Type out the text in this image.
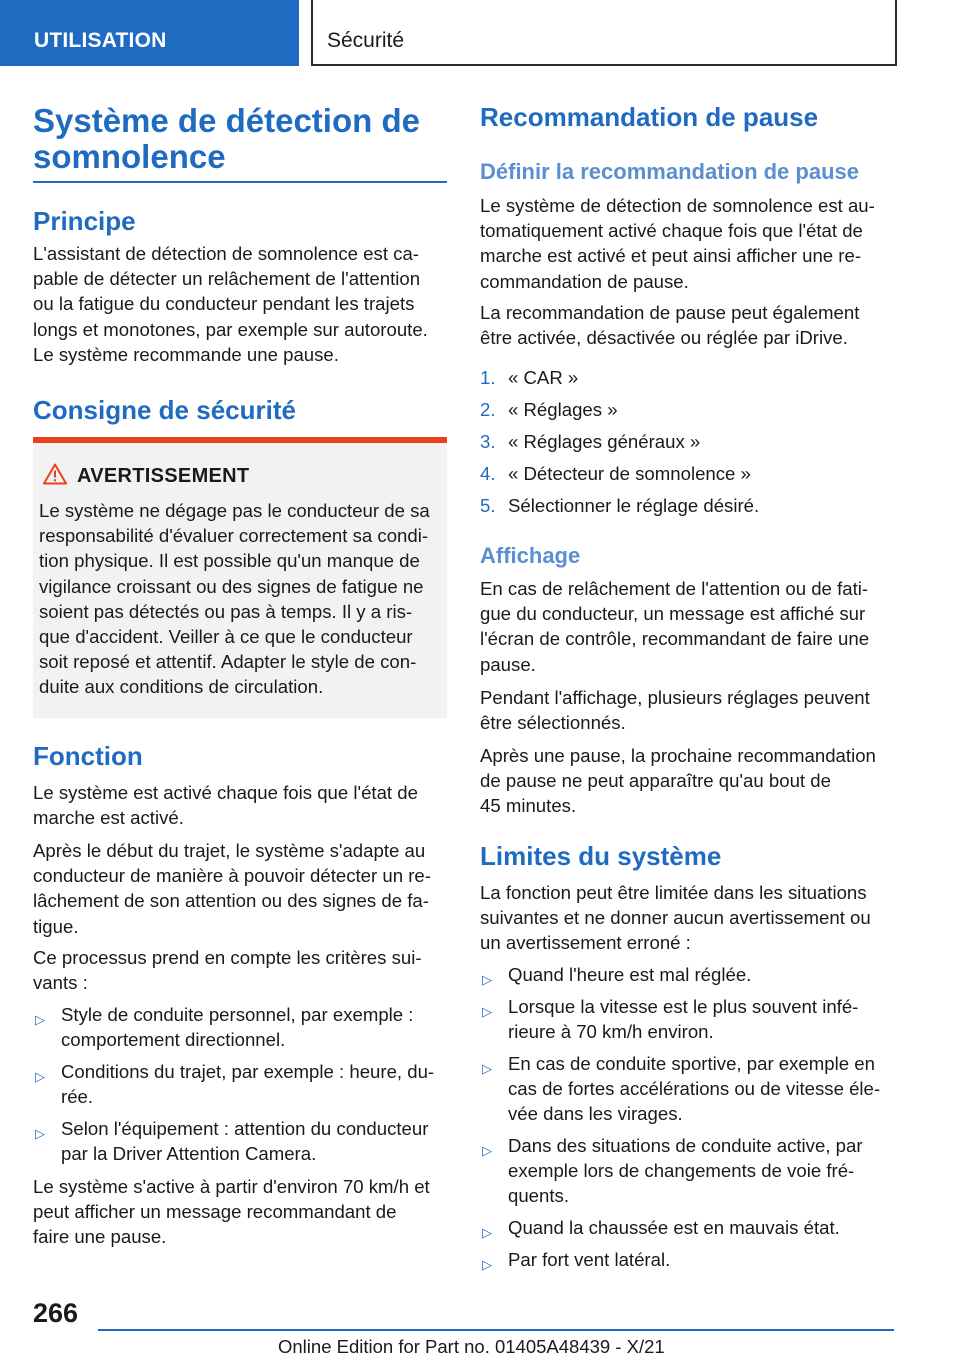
UTILISATION	Sécurité
Système de détection de
somnolence
Principe
L'assistant de détection de somnolence est ca‐
pable de détecter un relâchement de l'attention
ou la fatigue du conducteur pendant les trajets
longs et monotones, par exemple sur autoroute.
Le système recommande une pause.
Consigne de sécurité
AVERTISSEMENT
Le système ne dégage pas le conducteur de sa
responsabilité d'évaluer correctement sa condi‐
tion physique. Il est possible qu'un manque de
vigilance croissant ou des signes de fatigue ne
soient pas détectés ou pas à temps. Il y a ris‐
que d'accident. Veiller à ce que le conducteur
soit reposé et attentif. Adapter le style de con‐
duite aux conditions de circulation.
Fonction
Le système est activé chaque fois que l'état de
marche est activé.
Après le début du trajet, le système s'adapte au
conducteur de manière à pouvoir détecter un re‐
lâchement de son attention ou des signes de fa‐
tigue.
Ce processus prend en compte les critères sui‐
vants :
▷ Style de conduite personnel, par exemple :
comportement directionnel.
▷ Conditions du trajet, par exemple : heure, du‐
rée.
▷ Selon l'équipement : attention du conducteur
par la Driver Attention Camera.
Le système s'active à partir d'environ 70 km/h et
peut afficher un message recommandant de
faire une pause.
Recommandation de pause
Définir la recommandation de pause
Le système de détection de somnolence est au‐
tomatiquement activé chaque fois que l'état de
marche est activé et peut ainsi afficher une re‐
commandation de pause.
La recommandation de pause peut également
être activée, désactivée ou réglée par iDrive.
1. « CAR »
2. « Réglages »
3. « Réglages généraux »
4. « Détecteur de somnolence »
5. Sélectionner le réglage désiré.
Affichage
En cas de relâchement de l'attention ou de fati‐
gue du conducteur, un message est affiché sur
l'écran de contrôle, recommandant de faire une
pause.
Pendant l'affichage, plusieurs réglages peuvent
être sélectionnés.
Après une pause, la prochaine recommandation
de pause ne peut apparaître qu'au bout de
45 minutes.
Limites du système
La fonction peut être limitée dans les situations
suivantes et ne donner aucun avertissement ou
un avertissement erroné :
▷ Quand l'heure est mal réglée.
▷ Lorsque la vitesse est le plus souvent infé‐
rieure à 70 km/h environ.
▷ En cas de conduite sportive, par exemple en
cas de fortes accélérations ou de vitesse éle‐
vée dans les virages.
▷ Dans des situations de conduite active, par
exemple lors de changements de voie fré‐
quents.
▷ Quand la chaussée est en mauvais état.
▷ Par fort vent latéral.
266
Online Edition for Part no. 01405A48439 - X/21
